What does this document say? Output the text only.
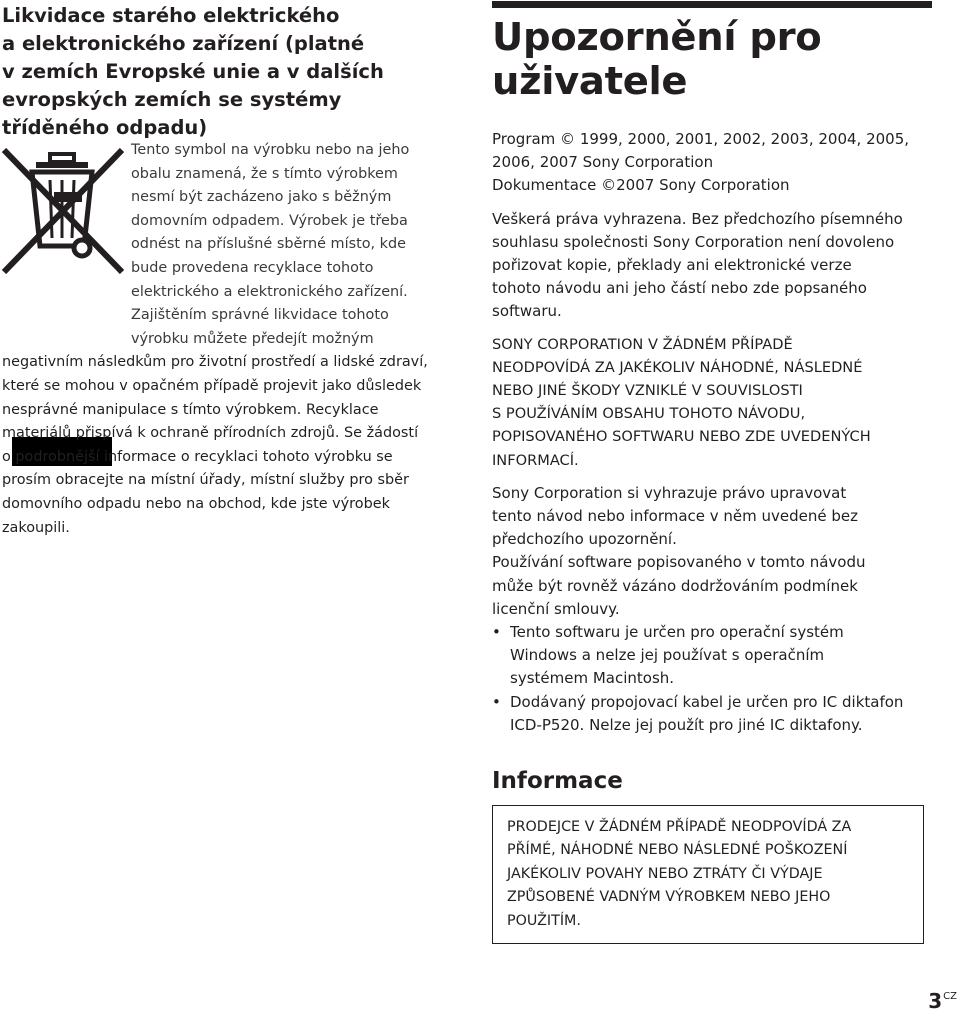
Likvidace starého elektrického
a elektronického zařízení (platné
v zemích Evropské unie a v dalších
evropských zemích se systémy
tříděného odpadu)

Tento symbol na výrobku nebo na jeho
obalu znamená, že s tímto výrobkem
nesmí být zacházeno jako s běžným
domovním odpadem. Výrobek je třeba
odnést na příslušné sběrné místo, kde
bude provedena recyklace tohoto
elektrického a elektronického zařízení.
Zajištěním správné likvidace tohoto
výrobku můžete předejít možným
negativním následkům pro životní prostředí a lidské zdraví,
které se mohou v opačném případě projevit jako důsledek
nesprávné manipulace s tímto výrobkem. Recyklace
materiálů přispívá k ochraně přírodních zdrojů. Se žádostí
o podrobnější informace o recyklaci tohoto výrobku se
prosím obracejte na místní úřady, místní služby pro sběr
domovního odpadu nebo na obchod, kde jste výrobek
zakoupili.

Upozornění pro
uživatele

Program © 1999, 2000, 2001, 2002, 2003, 2004, 2005,
2006, 2007 Sony Corporation
Dokumentace ©2007 Sony Corporation

Veškerá práva vyhrazena. Bez předchozího písemného
souhlasu společnosti Sony Corporation není dovoleno
pořizovat kopie, překlady ani elektronické verze
tohoto návodu ani jeho částí nebo zde popsaného
softwaru.

SONY CORPORATION V ŽÁDNÉM PŘÍPADĚ
NEODPOVÍDÁ ZA JAKÉKOLIV NÁHODNÉ, NÁSLEDNÉ
NEBO JINÉ ŠKODY VZNIKLÉ V SOUVISLOSTI
S POUŽÍVÁNÍM OBSAHU TOHOTO NÁVODU,
POPISOVANÉHO SOFTWARU NEBO ZDE UVEDENÝCH
INFORMACÍ.

Sony Corporation si vyhrazuje právo upravovat
tento návod nebo informace v něm uvedené bez
předchozího upozornění.
Používání software popisovaného v tomto návodu
může být rovněž vázáno dodržováním podmínek
licenční smlouvy.

• Tento softwaru je určen pro operační systém
Windows a nelze jej používat s operačním
systémem Macintosh.
• Dodávaný propojovací kabel je určen pro IC diktafon
ICD-P520. Nelze jej použít pro jiné IC diktafony.
Informace

PRODEJCE V ŽÁDNÉM PŘÍPADĚ NEODPOVÍDÁ ZA
PŘÍMÉ, NÁHODNÉ NEBO NÁSLEDNÉ POŠKOZENÍ
JAKÉKOLIV POVAHY NEBO ZTRÁTY ČI VÝDAJE
ZPŮSOBENÉ VADNÝM VÝROBKEM NEBO JEHO
POUŽITÍM.

$3^{CZ}$
